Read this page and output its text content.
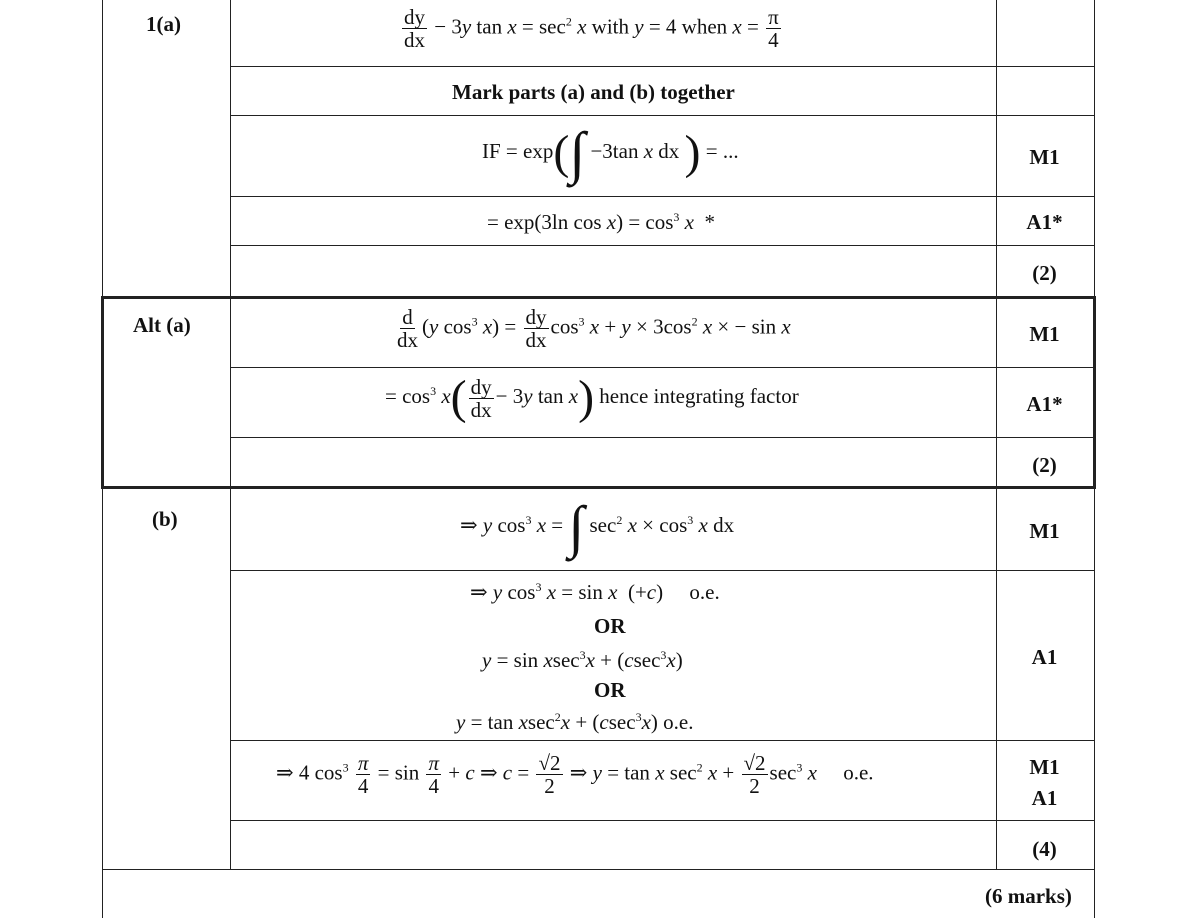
1(a)
Alt (a)
(b)
$\frac{dy}{dx} - 3y$ $\tan x = \sec^2 x$ with y = 4 when $x = \frac{\pi}{4}$
Mark parts (a) and (b) together
IF = exp(∫ −3tan x dx ) = ...
= exp(3ln $\cos x) = \cos^3 x$  *
$\frac{d}{dx} (y$ $\cos^3 x) = \frac{dy}{dx} \cos^3 x + y \times 3\cos^2$ x × − sin x
= $\cos^3 x( \frac{dy}{dx} - 3y$ tan x) hence integrating factor
⇒ y $\cos^3 x$ = ∫ $\sec^2 x \times \cos^3 x$ dx
⇒ y $\cos^3 x = \sin x$  (+c)     o.e.
OR
y = sin xsec$^3$x + (csec$^3$x)
OR
y = tan xsec$^2$x + (csec$^3$x) o.e.
⇒ 4 $\cos^3 \frac{\pi}{4} = \sin \frac{\pi}{4} + c$ ⇒ $c = \frac{√2}{2}$ ⇒ y = tan x $\sec^2 x + \frac{√2}{2} \sec^3 x$ o.e.
M1
A1*
(2)
M1
A1*
(2)
M1
A1
M1
A1
(4)
(6 marks)
